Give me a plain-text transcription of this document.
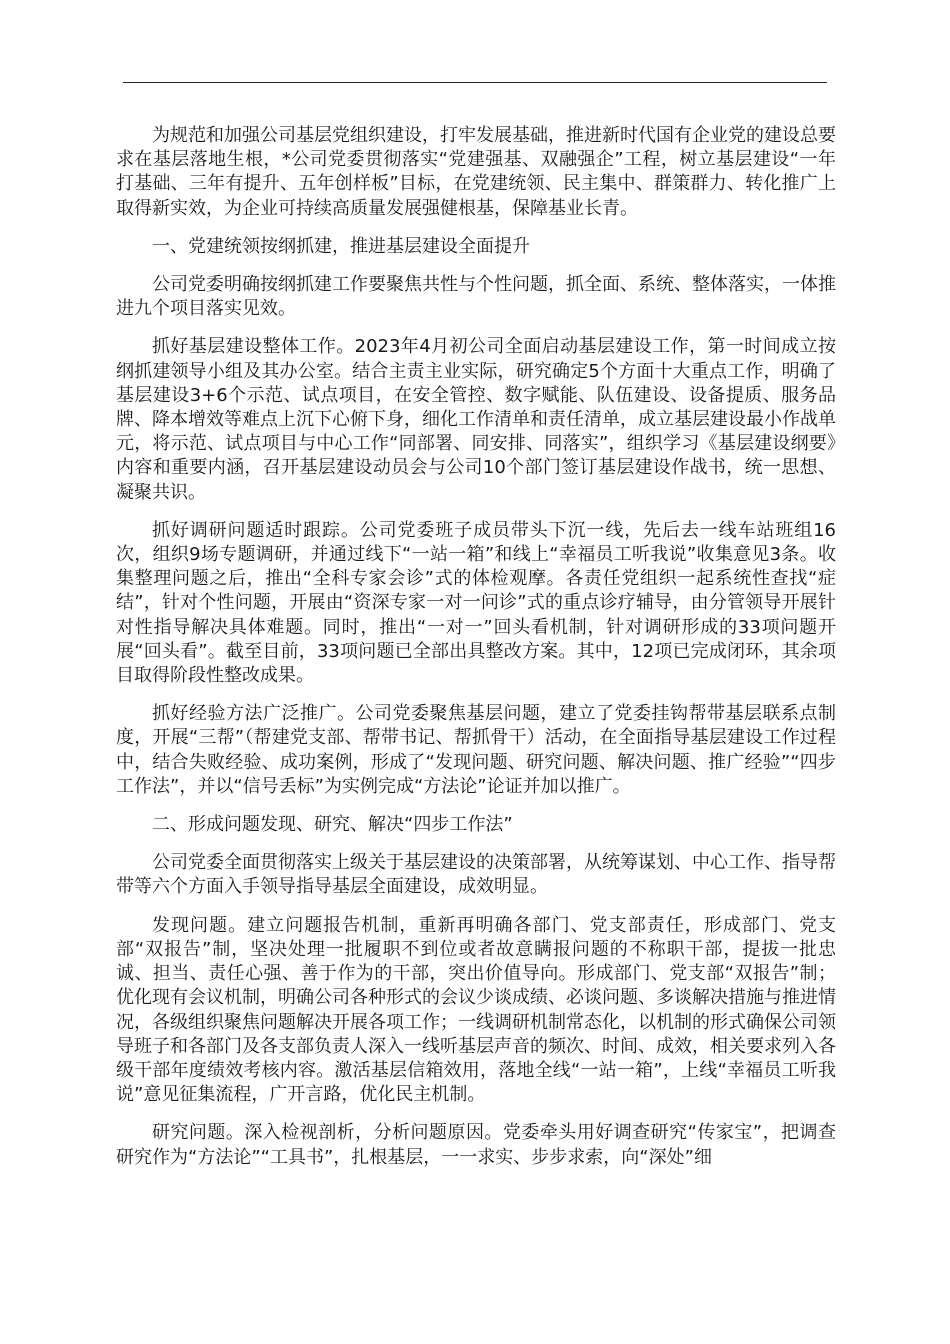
为规范和加强公司基层党组织建设，打牢发展基础，推进新时代国有企业党的建设总要求在基层落地生根，*公司党委贯彻落实“党建强基、双融强企”工程，树立基层建设“一年打基础、三年有提升、五年创样板”目标，在党建统领、民主集中、群策群力、转化推广上取得新实效，为企业可持续高质量发展强健根基，保障基业长青。

一、党建统领按纲抓建，推进基层建设全面提升

公司党委明确按纲抓建工作要聚焦共性与个性问题，抓全面、系统、整体落实，一体推进九个项目落实见效。

抓好基层建设整体工作。2023年4月初公司全面启动基层建设工作，第一时间成立按纲抓建领导小组及其办公室。结合主责主业实际，研究确定5个方面十大重点工作，明确了基层建设3+6个示范、试点项目，在安全管控、数字赋能、队伍建设、设备提质、服务品牌、降本增效等难点上沉下心俯下身，细化工作清单和责任清单，成立基层建设最小作战单元，将示范、试点项目与中心工作“同部署、同安排、同落实”，组织学习《基层建设纲要》内容和重要内涵，召开基层建设动员会与公司10个部门签订基层建设作战书，统一思想、凝聚共识。

抓好调研问题适时跟踪。公司党委班子成员带头下沉一线，先后去一线车站班组16次，组织9场专题调研，并通过线下“一站一箱”和线上“幸福员工听我说”收集意见3条。收集整理问题之后，推出“全科专家会诊”式的体检观摩。各责任党组织一起系统性查找“症结”，针对个性问题，开展由“资深专家一对一问诊”式的重点诊疗辅导，由分管领导开展针对性指导解决具体难题。同时，推出“一对一”回头看机制，针对调研形成的33项问题开展“回头看”。截至目前，33项问题已全部出具整改方案。其中，12项已完成闭环，其余项目取得阶段性整改成果。

抓好经验方法广泛推广。公司党委聚焦基层问题，建立了党委挂钩帮带基层联系点制度，开展“三帮”（帮建党支部、帮带书记、帮抓骨干）活动，在全面指导基层建设工作过程中，结合失败经验、成功案例，形成了“发现问题、研究问题、解决问题、推广经验”“四步工作法”，并以“信号丢标”为实例完成“方法论”论证并加以推广。

二、形成问题发现、研究、解决“四步工作法”

公司党委全面贯彻落实上级关于基层建设的决策部署，从统筹谋划、中心工作、指导帮带等六个方面入手领导指导基层全面建设，成效明显。

发现问题。建立问题报告机制，重新再明确各部门、党支部责任，形成部门、党支部“双报告”制，坚决处理一批履职不到位或者故意瞒报问题的不称职干部，提拔一批忠诚、担当、责任心强、善于作为的干部，突出价值导向。形成部门、党支部“双报告”制；优化现有会议机制，明确公司各种形式的会议少谈成绩、必谈问题、多谈解决措施与推进情况，各级组织聚焦问题解决开展各项工作；一线调研机制常态化，以机制的形式确保公司领导班子和各部门及各支部负责人深入一线听基层声音的频次、时间、成效，相关要求列入各级干部年度绩效考核内容。激活基层信箱效用，落地全线“一站一箱”，上线“幸福员工听我说”意见征集流程，广开言路，优化民主机制。

研究问题。深入检视剖析，分析问题原因。党委牵头用好调查研究“传家宝”，把调查研究作为“方法论”“工具书”，扎根基层，一一求实、步步求索，向“深处”细
